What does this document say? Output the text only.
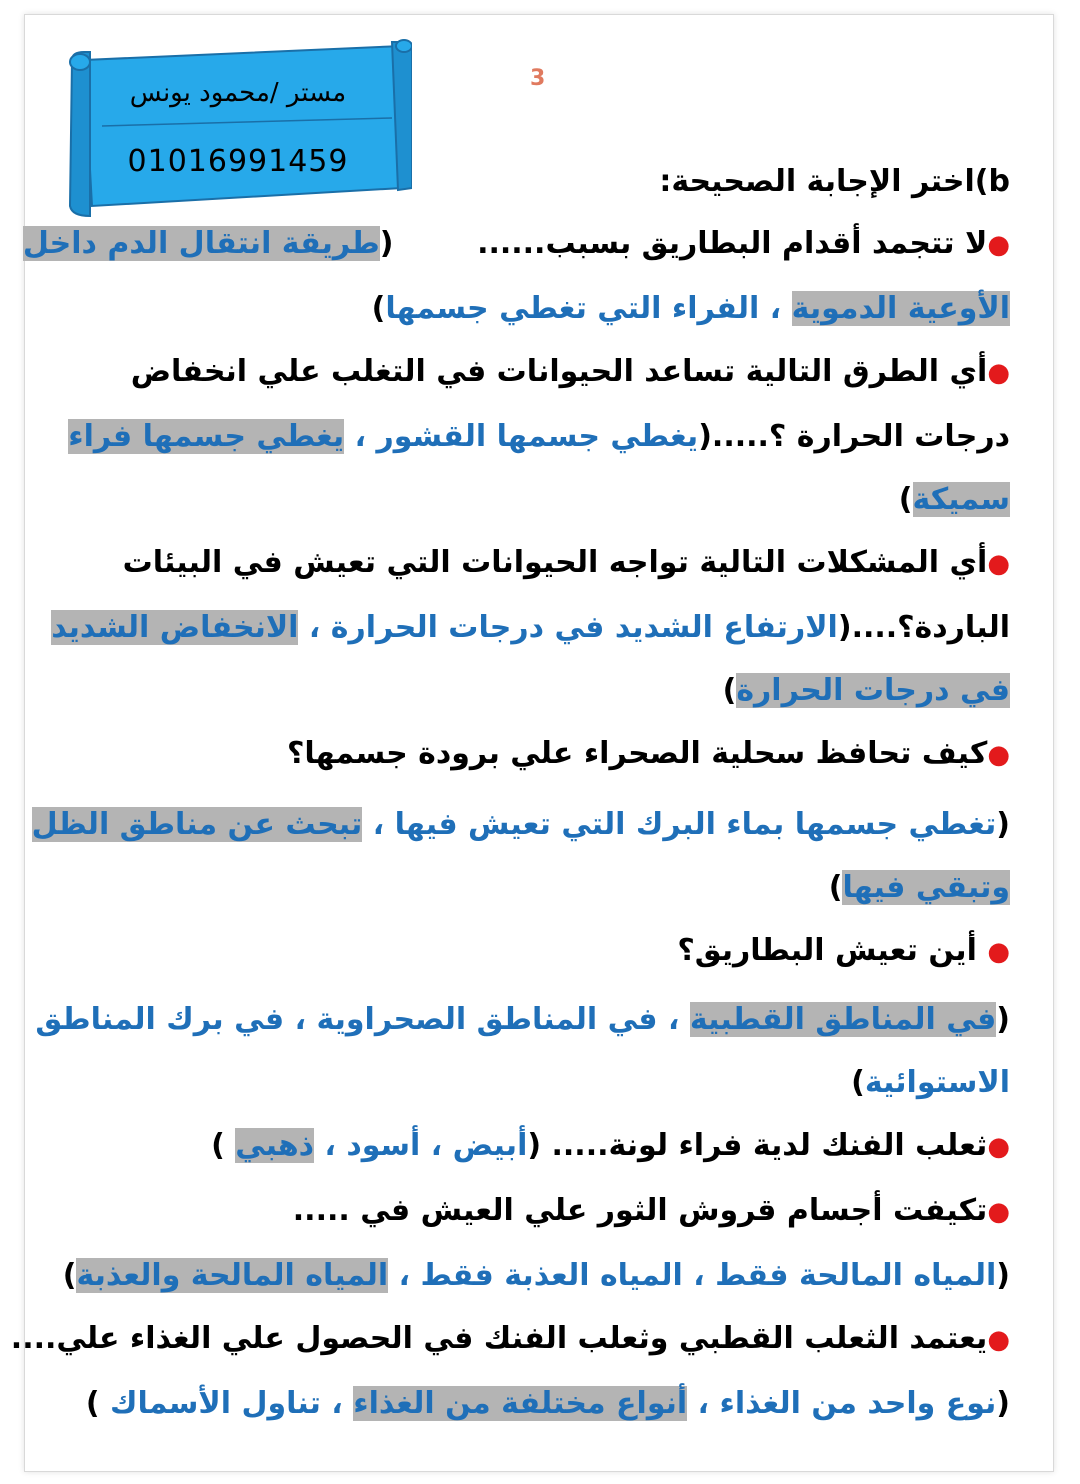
مستر /محمود يونس
01016991459
3

b)اختر الإجابة الصحيحة:

●لا تتجمد أقدام البطاريق بسبب......        (طريقة انتقال الدم داخل

الأوعية الدموية ، الفراء التي تغطي جسمها)

●أي الطرق التالية تساعد الحيوانات في التغلب علي انخفاض

درجات الحرارة ؟.....(يغطي جسمها القشور ، يغطي جسمها فراء

سميكة)

●أي المشكلات التالية تواجه الحيوانات التي تعيش في البيئات

الباردة؟....(الارتفاع الشديد في درجات الحرارة ، الانخفاض الشديد

في درجات الحرارة)

●كيف تحافظ سحلية الصحراء علي برودة جسمها؟

(تغطي جسمها بماء البرك التي تعيش فيها ، تبحث عن مناطق الظل

وتبقي فيها)

● أين تعيش البطاريق؟

(في المناطق القطبية ، في المناطق الصحراوية ، في برك المناطق

الاستوائية)

●ثعلب الفنك لدية فراء لونة..... (أبيض ، أسود ، ذهبي )

●تكيفت أجسام قروش الثور علي العيش في .....

(المياه المالحة فقط ، المياه العذبة فقط ، المياه المالحة والعذبة)

●يعتمد الثعلب القطبي وثعلب الفنك في الحصول علي الغذاء علي....

(نوع واحد من الغذاء ، أنواع مختلفة من الغذاء ، تناول الأسماك )
